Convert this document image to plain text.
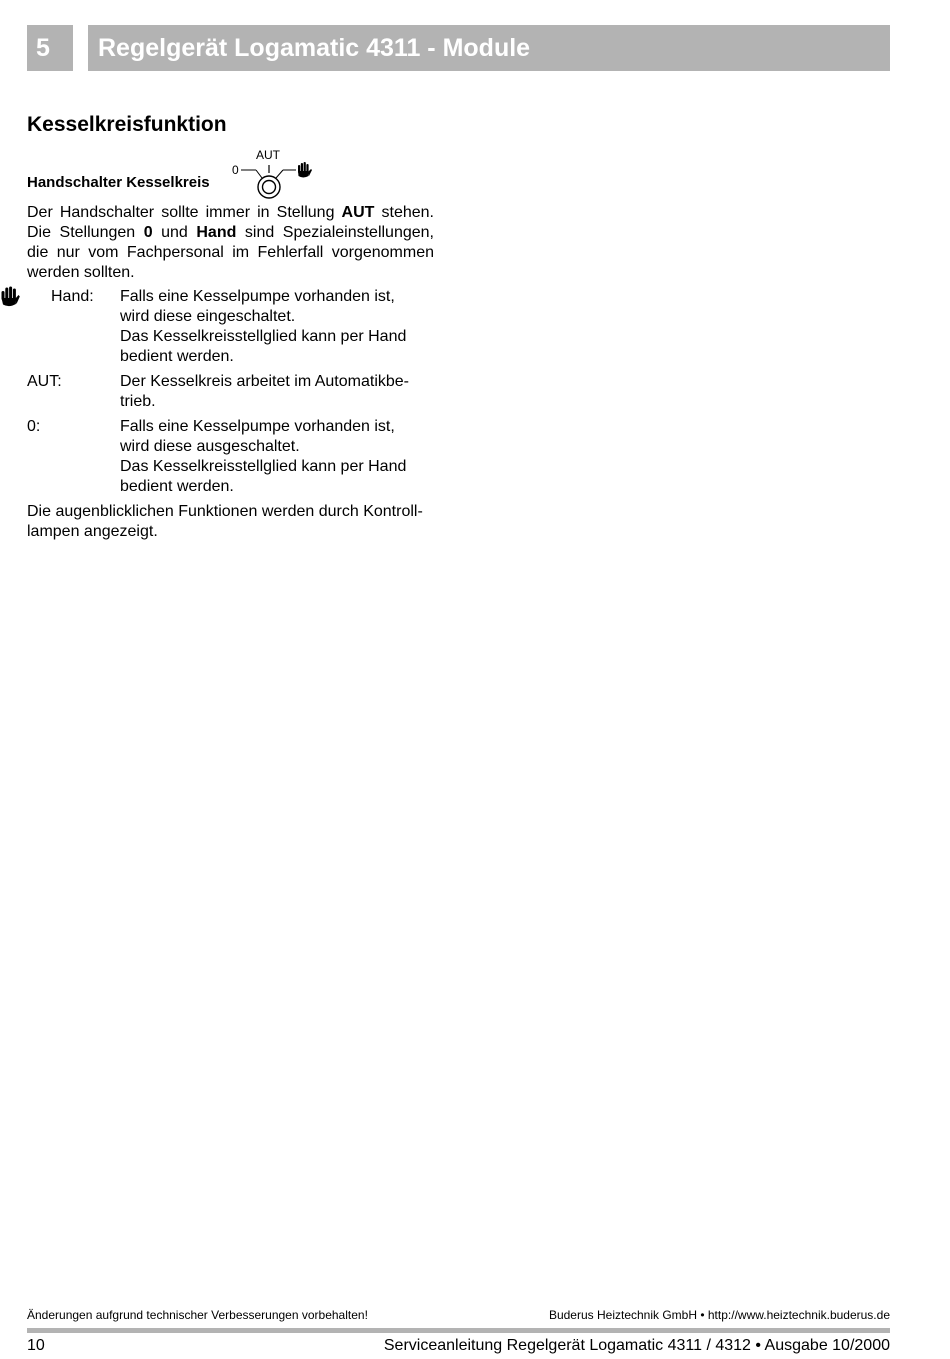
5	Regelgerät Logamatic 4311 - Module
Kesselkreisfunktion
Handschalter Kesselkreis
AUT
0

Der Handschalter sollte immer in Stellung AUT stehen. Die Stellungen 0 und Hand sind Spezialeinstellungen, die nur vom Fachpersonal im Fehlerfall vorgenommen werden sollten.

Hand: Falls eine Kesselpumpe vorhanden ist,
wird diese eingeschaltet.
Das Kesselkreisstellglied kann per Hand
bedient werden.
AUT:	Der Kesselkreis arbeitet im Automatikbe-
trieb.
0:	Falls eine Kesselpumpe vorhanden ist,
wird diese ausgeschaltet.
Das Kesselkreisstellglied kann per Hand
bedient werden.
Die augenblicklichen Funktionen werden durch Kontroll-
lampen angezeigt.
Änderungen aufgrund technischer Verbesserungen vorbehalten!	Buderus Heiztechnik GmbH • http://www.heiztechnik.buderus.de
10	Serviceanleitung Regelgerät Logamatic 4311 / 4312 • Ausgabe 10/2000
